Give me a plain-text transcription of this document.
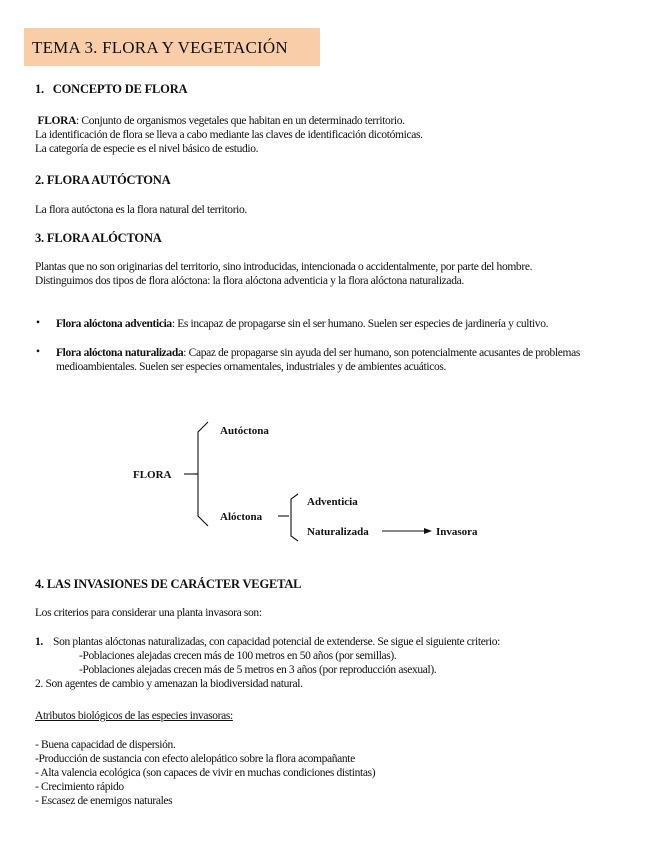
TEMA 3. FLORA Y VEGETACIÓN
1. CONCEPTO DE FLORA
FLORA: Conjunto de organismos vegetales que habitan en un determinado territorio.
La identificación de flora se lleva a cabo mediante las claves de identificación dicotómicas.
La categoría de especie es el nivel básico de estudio.
2. FLORA AUTÓCTONA
La flora autóctona es la flora natural del territorio.
3. FLORA ALÓCTONA
Plantas que no son originarias del territorio, sino introducidas, intencionada o accidentalmente, por parte del hombre.
Distinguimos dos tipos de flora alóctona: la flora alóctona adventicia y la flora alóctona naturalizada.
• Flora alóctona adventicia: Es incapaz de propagarse sin el ser humano. Suelen ser especies de jardinería y cultivo.
• Flora alóctona naturalizada: Capaz de propagarse sin ayuda del ser humano, son potencialmente acusantes de problemas medioambientales. Suelen ser especies ornamentales, industriales y de ambientes acuáticos.
FLORA
Autóctona
Alóctona
Adventicia
Naturalizada	Invasora
4. LAS INVASIONES DE CARÁCTER VEGETAL
Los criterios para considerar una planta invasora son:
1. Son plantas alóctonas naturalizadas, con capacidad potencial de extenderse. Se sigue el siguiente criterio:
-Poblaciones alejadas crecen más de 100 metros en 50 años (por semillas).
-Poblaciones alejadas crecen más de 5 metros en 3 años (por reproducción asexual).
2. Son agentes de cambio y amenazan la biodiversidad natural.
Atributos biológicos de las especies invasoras:
- Buena capacidad de dispersión.
-Producción de sustancia con efecto alelopático sobre la flora acompañante
- Alta valencia ecológica (son capaces de vivir en muchas condiciones distintas)
- Crecimiento rápido
- Escasez de enemigos naturales
